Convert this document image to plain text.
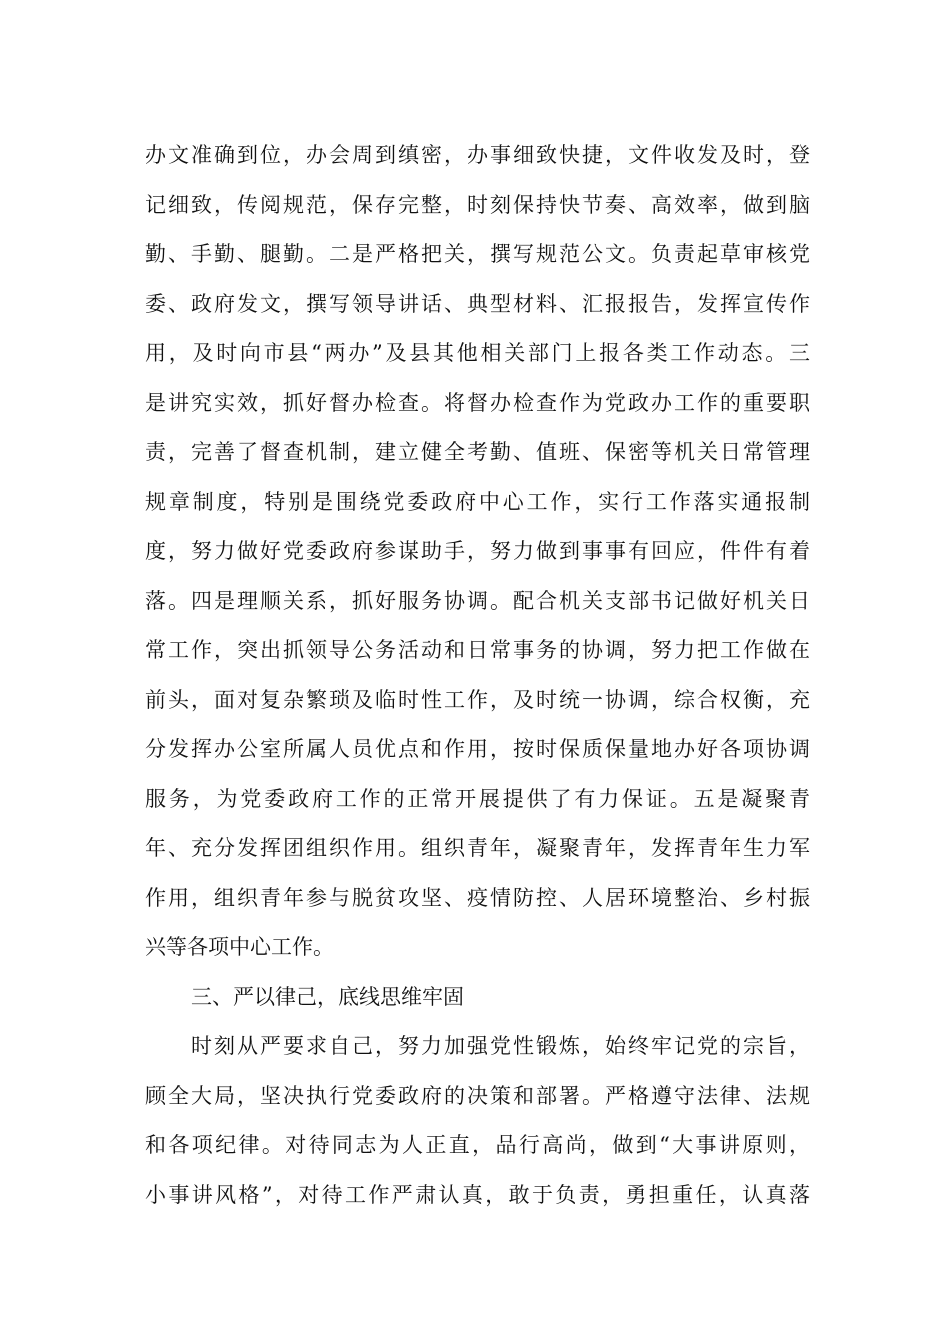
办文准确到位，办会周到缜密，办事细致快捷，文件收发及时，登
记细致，传阅规范，保存完整，时刻保持快节奏、高效率，做到脑
勤、手勤、腿勤。二是严格把关，撰写规范公文。负责起草审核党
委、政府发文，撰写领导讲话、典型材料、汇报报告，发挥宣传作
用，及时向市县“两办”及县其他相关部门上报各类工作动态。三
是讲究实效，抓好督办检查。将督办检查作为党政办工作的重要职
责，完善了督查机制，建立健全考勤、值班、保密等机关日常管理
规章制度，特别是围绕党委政府中心工作，实行工作落实通报制
度，努力做好党委政府参谋助手，努力做到事事有回应，件件有着
落。四是理顺关系，抓好服务协调。配合机关支部书记做好机关日
常工作，突出抓领导公务活动和日常事务的协调，努力把工作做在
前头，面对复杂繁琐及临时性工作，及时统一协调，综合权衡，充
分发挥办公室所属人员优点和作用，按时保质保量地办好各项协调
服务，为党委政府工作的正常开展提供了有力保证。五是凝聚青
年、充分发挥团组织作用。组织青年，凝聚青年，发挥青年生力军
作用，组织青年参与脱贫攻坚、疫情防控、人居环境整治、乡村振
兴等各项中心工作。
三、严以律己，底线思维牢固
时刻从严要求自己，努力加强党性锻炼，始终牢记党的宗旨，
顾全大局，坚决执行党委政府的决策和部署。严格遵守法律、法规
和各项纪律。对待同志为人正直，品行高尚，做到“大事讲原则，
小事讲风格”，对待工作严肃认真，敢于负责，勇担重任，认真落
